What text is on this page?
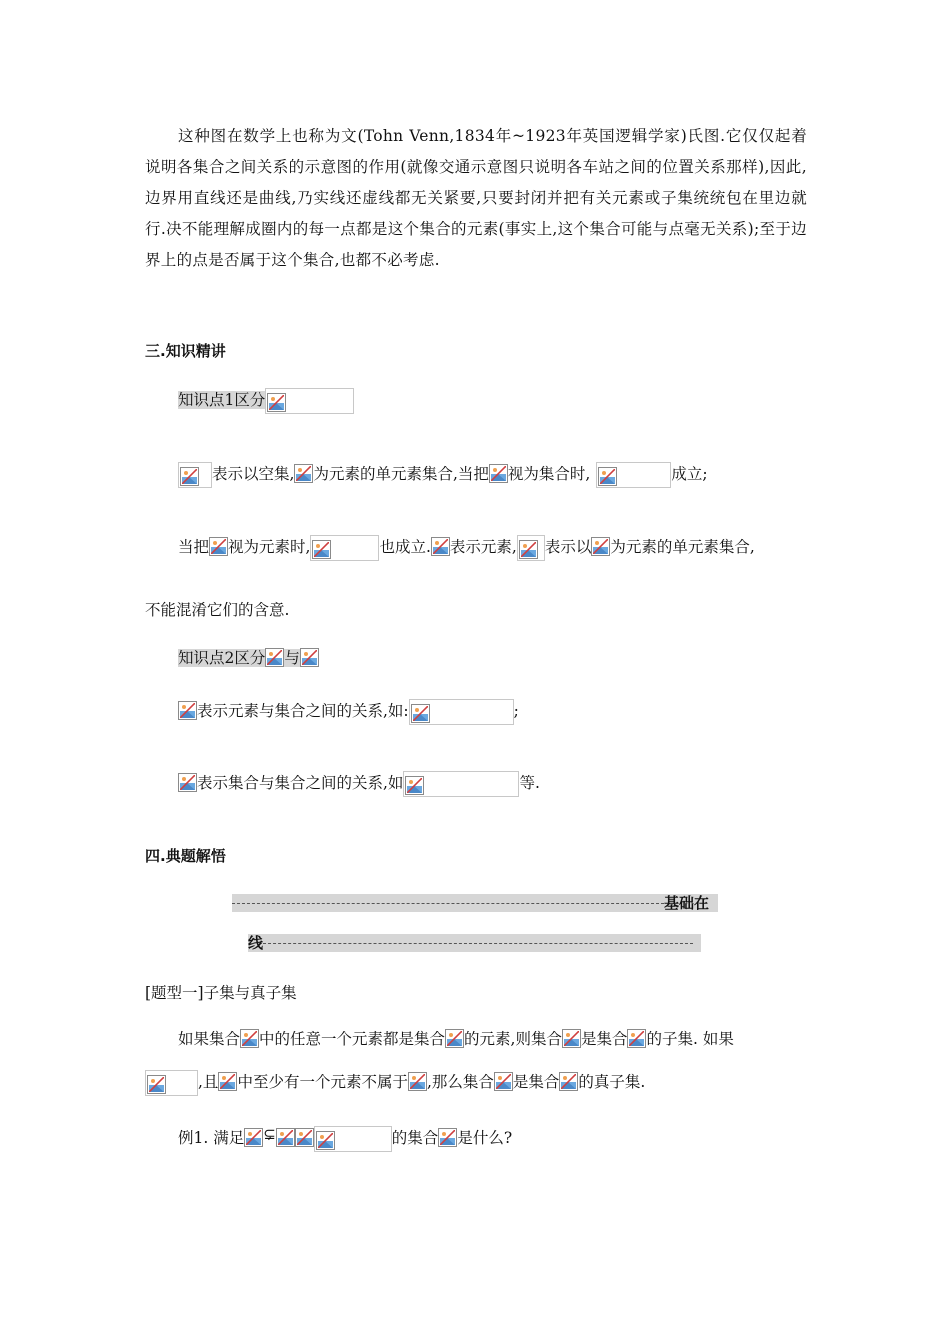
这种图在数学上也称为文(Tohn Venn,1834年~1923年英国逻辑学家)氏图.它仅仅起着说明各集合之间关系的示意图的作用(就像交通示意图只说明各车站之间的位置关系那样),因此,边界用直线还是曲线,乃实线还虚线都无关紧要,只要封闭并把有关元素或子集统统包在里边就行.决不能理解成圈内的每一点都是这个集合的元素(事实上,这个集合可能与点毫无关系);至于边界上的点是否属于这个集合,也都不必考虑.
三.知识精讲
知识点1区分
表示以空集, 为元素的单元素集合,当把 视为集合时,	成立;
当把 视为元素时,	也成立. 表示元素, 表示以 为元素的单元素集合,
不能混淆它们的含意.
知识点2区分 与
表示元素与集合之间的关系,如:	;
表示集合与集合之间的关系,如	等.
四.典题解悟
基础在
线
[题型一]子集与真子集
如果集合 中的任意一个元素都是集合 的元素,则集合 是集合 的子集. 如果
,且 中至少有一个元素不属于 ,那么集合 是集合 的真子集.
例1. 满足 ⊊	的集合 是什么?
